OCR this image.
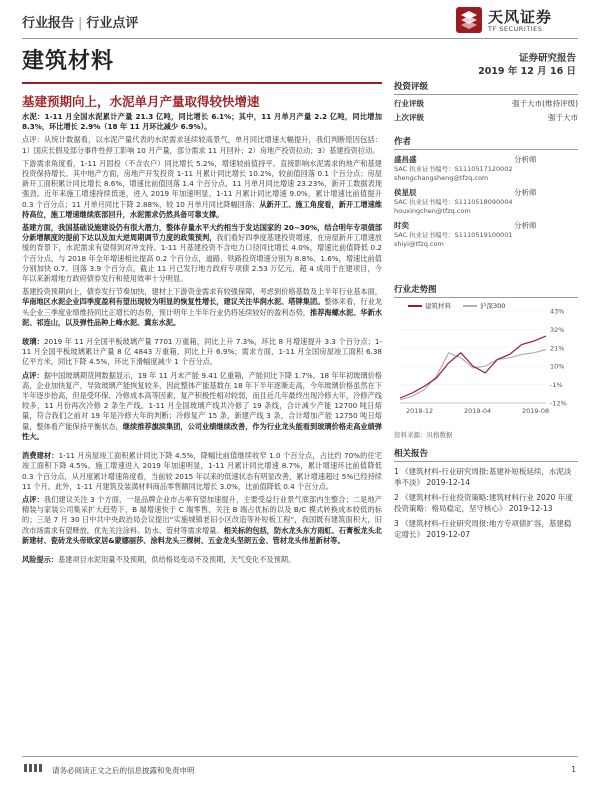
行业报告 | 行业点评	天风证券
TF SECURITIES
建筑材料	证券研究报告
2019 年 12 月 16 日
基建预期向上，水泥单月产量取得较快增速

水泥：1-11 月全国水泥累计产量 21.3 亿吨，同比增长 6.1%；其中，11 月单月产量 2.2 亿吨，同比增加 8.3%，环比增长 2.9%（18 年 11 月环比减少 6.9%）。

点评：从统计数据看，以水泥产量代表的水泥需求延续较高景气，单月同比增速大幅提升，我们判断原因包括：1）国庆长假及部分事件性停工影响 10 月产量，部分需求 11 月回补；2）房地产投资拉动；3）基建投资拉动。

下游需求角度看，1-11 月固投（不含农户）同比增长 5.2%，增速较前值持平。直接影响水泥需求的地产和基建投资保持增长。其中地产方面，房地产开发投资 1-11 月累计同比增长 10.2%，较前值回落 0.1 个百分点；房屋新开工面积累计同比增长 8.6%，增速比前值回落 1.4 个百分点，11 月单月同比增速 23.23%，新开工数据表现强劲。近年来施工增速持续低迷，进入 2019 年加速明显，1-11 月累计同比增速 9.0%，累计增速比前值提升 0.3 个百分点；11 月单月同比下降 2.88%，较 10 月单月同比降幅回落；从新开工、施工角度看，新开工增速维持高位，施工增速继续底部回升，水泥需求仍然具备可靠支撑。

基建方面，我国基础设施建设仍有很大潜力，整体存量水平大约相当于发达国家的 20~30%，结合明年专项债部分新增额度的提前下达以及加大逆周期调节力度的政策预判，我们看好四季度基建投资增速，在房屋新开工增速放缓的背景下，水泥需求有望得到对冲支持。1-11 月基建投资不含电力口径同比增长 4.0%，增速比前值降低 0.2 个百分点，与 2018 年全年增速相比提高 0.2 个百分点，道路、铁路投资增速分别为 8.8%、1.6%，增速比前值分别加快 0.7、回落 3.9 个百分点。截止 11 月已发行地方政府专项债 2.53 万亿元，超 4 成用于在建项目，今年以来新增地方政府债券发行和使用效率十分明显。

基建投资预期向上，债券发行节奏加快，建材上下游资金需求有较强保障，考虑到价格基数及上半年行业基本面，华南地区水泥企业四季度盈利有望出现较为明显的恢复性增长，建议关注华润水泥、塔牌集团。整体来看，行业龙头企业三季度业绩维持同比正增长的态势，预计明年上半年行业仍将延续较好的盈利态势，推荐海螺水泥、华新水泥、祁连山，以及弹性品种上峰水泥、冀东水泥。

玻璃：2019 年 11 月全国平板玻璃产量 7701 万重箱，同比上升 7.3%，环比 8 月增速提升 3.3 个百分点；1-11 月全国平板玻璃累计产量 8 亿 4843 万重箱，同比上升 6.9%；需求方面，1-11 月全国房屋竣工面积 6.38 亿平方米，同比下降 4.5%，环比下滑幅度减少 1 个百分点。

点评：据中国玻璃期货网数据显示，19 年 11 月末产能 9.41 亿重箱，产能同比下降 1.7%。18 年年初玻璃价格高，企业加快复产，导致玻璃产能恢复较多，因此整体产能基数在 18 年下半年逐渐走高，今年玻璃价格虽然在下半年逐步抬高，但是受环保、冷修成本高等因素，复产积极性相对较弱，而且近几年最终出现冷修大年，冷修产线较多，11 月份再次冷修 2 条生产线。1-11 月全国玻璃产线共冷修了 19 条线，合计减少产能 12700 吨日熔量，符合我们之前对 19 年是冷修大年的判断；冷修复产 15 条，新建产线 3 条，合计增加产能 12750 吨日熔量，整体看产能保持平衡状态，继续推荐旗滨集团，公司业绩继续改善，作为行业龙头能看到玻璃价格走高业绩弹性大。

消费建材：1-11 月房屋竣工面积累计同比下降 4.5%，降幅比前值继续收窄 1.0 个百分点，占比约 70%的住宅竣工面积下降 4.5%。施工增速进入 2019 年加速明显，1-11 月累计同比增速 8.7%，累计增速环比前值降低 0.3 个百分点，从月度累计增速角度看，当前较 2015 年以来的低速状态有明显改善，累计增速超过 5%已经持续 11 个月。此外，1-11 月建筑及装潢材料商品零售额同比增长 3.0%，比前值降低 0.4 个百分点。

点评：我们建议关注 3 个方面，一是品牌企业市占率有望加速提升，主要受益行业景气底部内生整合；二是地产精装与家装公司集采扩大趋势下，B 端增速快于 C 端零售，关注 B 端占优标的以及 B/C 模式转换成本较低的标的；三是 7 月 30 日中共中央政治局会议提出“实施城镇老旧小区改造等补短板工程”，我国既有建筑面积大，旧改市场需求有望释放，优先关注涂料、防水、管材等需求增量。相关标的包括，防水龙头东方雨虹、石膏板龙头北新建材、瓷砖龙头帝欧家居&蒙娜丽莎、涂料龙头三棵树、五金龙头坚朗五金、管材龙头伟星新材等。

风险提示：基建项目水泥用量不及预期，供给格局变动不及预期，天气变化不及预期。

投资评级
行业评级	强于大市(维持评级)
上次评级	强于大市
作者
盛昌盛	分析师
SAC 执业证书编号：S1110517120002
shengchangsheng@tfzq.com
侯星辰	分析师
SAC 执业证书编号：S1110518090004
houxingchen@tfzq.com
时奕	分析师
SAC 执业证书编号：S1110519100001
shiyi@tfzq.com
行业走势图
建筑材料	沪深300
43%
32%
21%
10%
-1%
-12%
2018-12	2019-04	2019-08
资料来源：贝格数据
相关报告
1 《建筑材料-行业研究周报:基建补短板延续，水泥淡季不淡》 2019-12-14
2 《建筑材料-行业投资策略:建筑材料行业 2020 年度投资策略：格局稳定，坚守核心》 2019-12-13
3 《建筑材料-行业研究周报:地方专项债扩容，基建稳定增长》 2019-12-07
请务必阅读正文之后的信息披露和免责申明	1
